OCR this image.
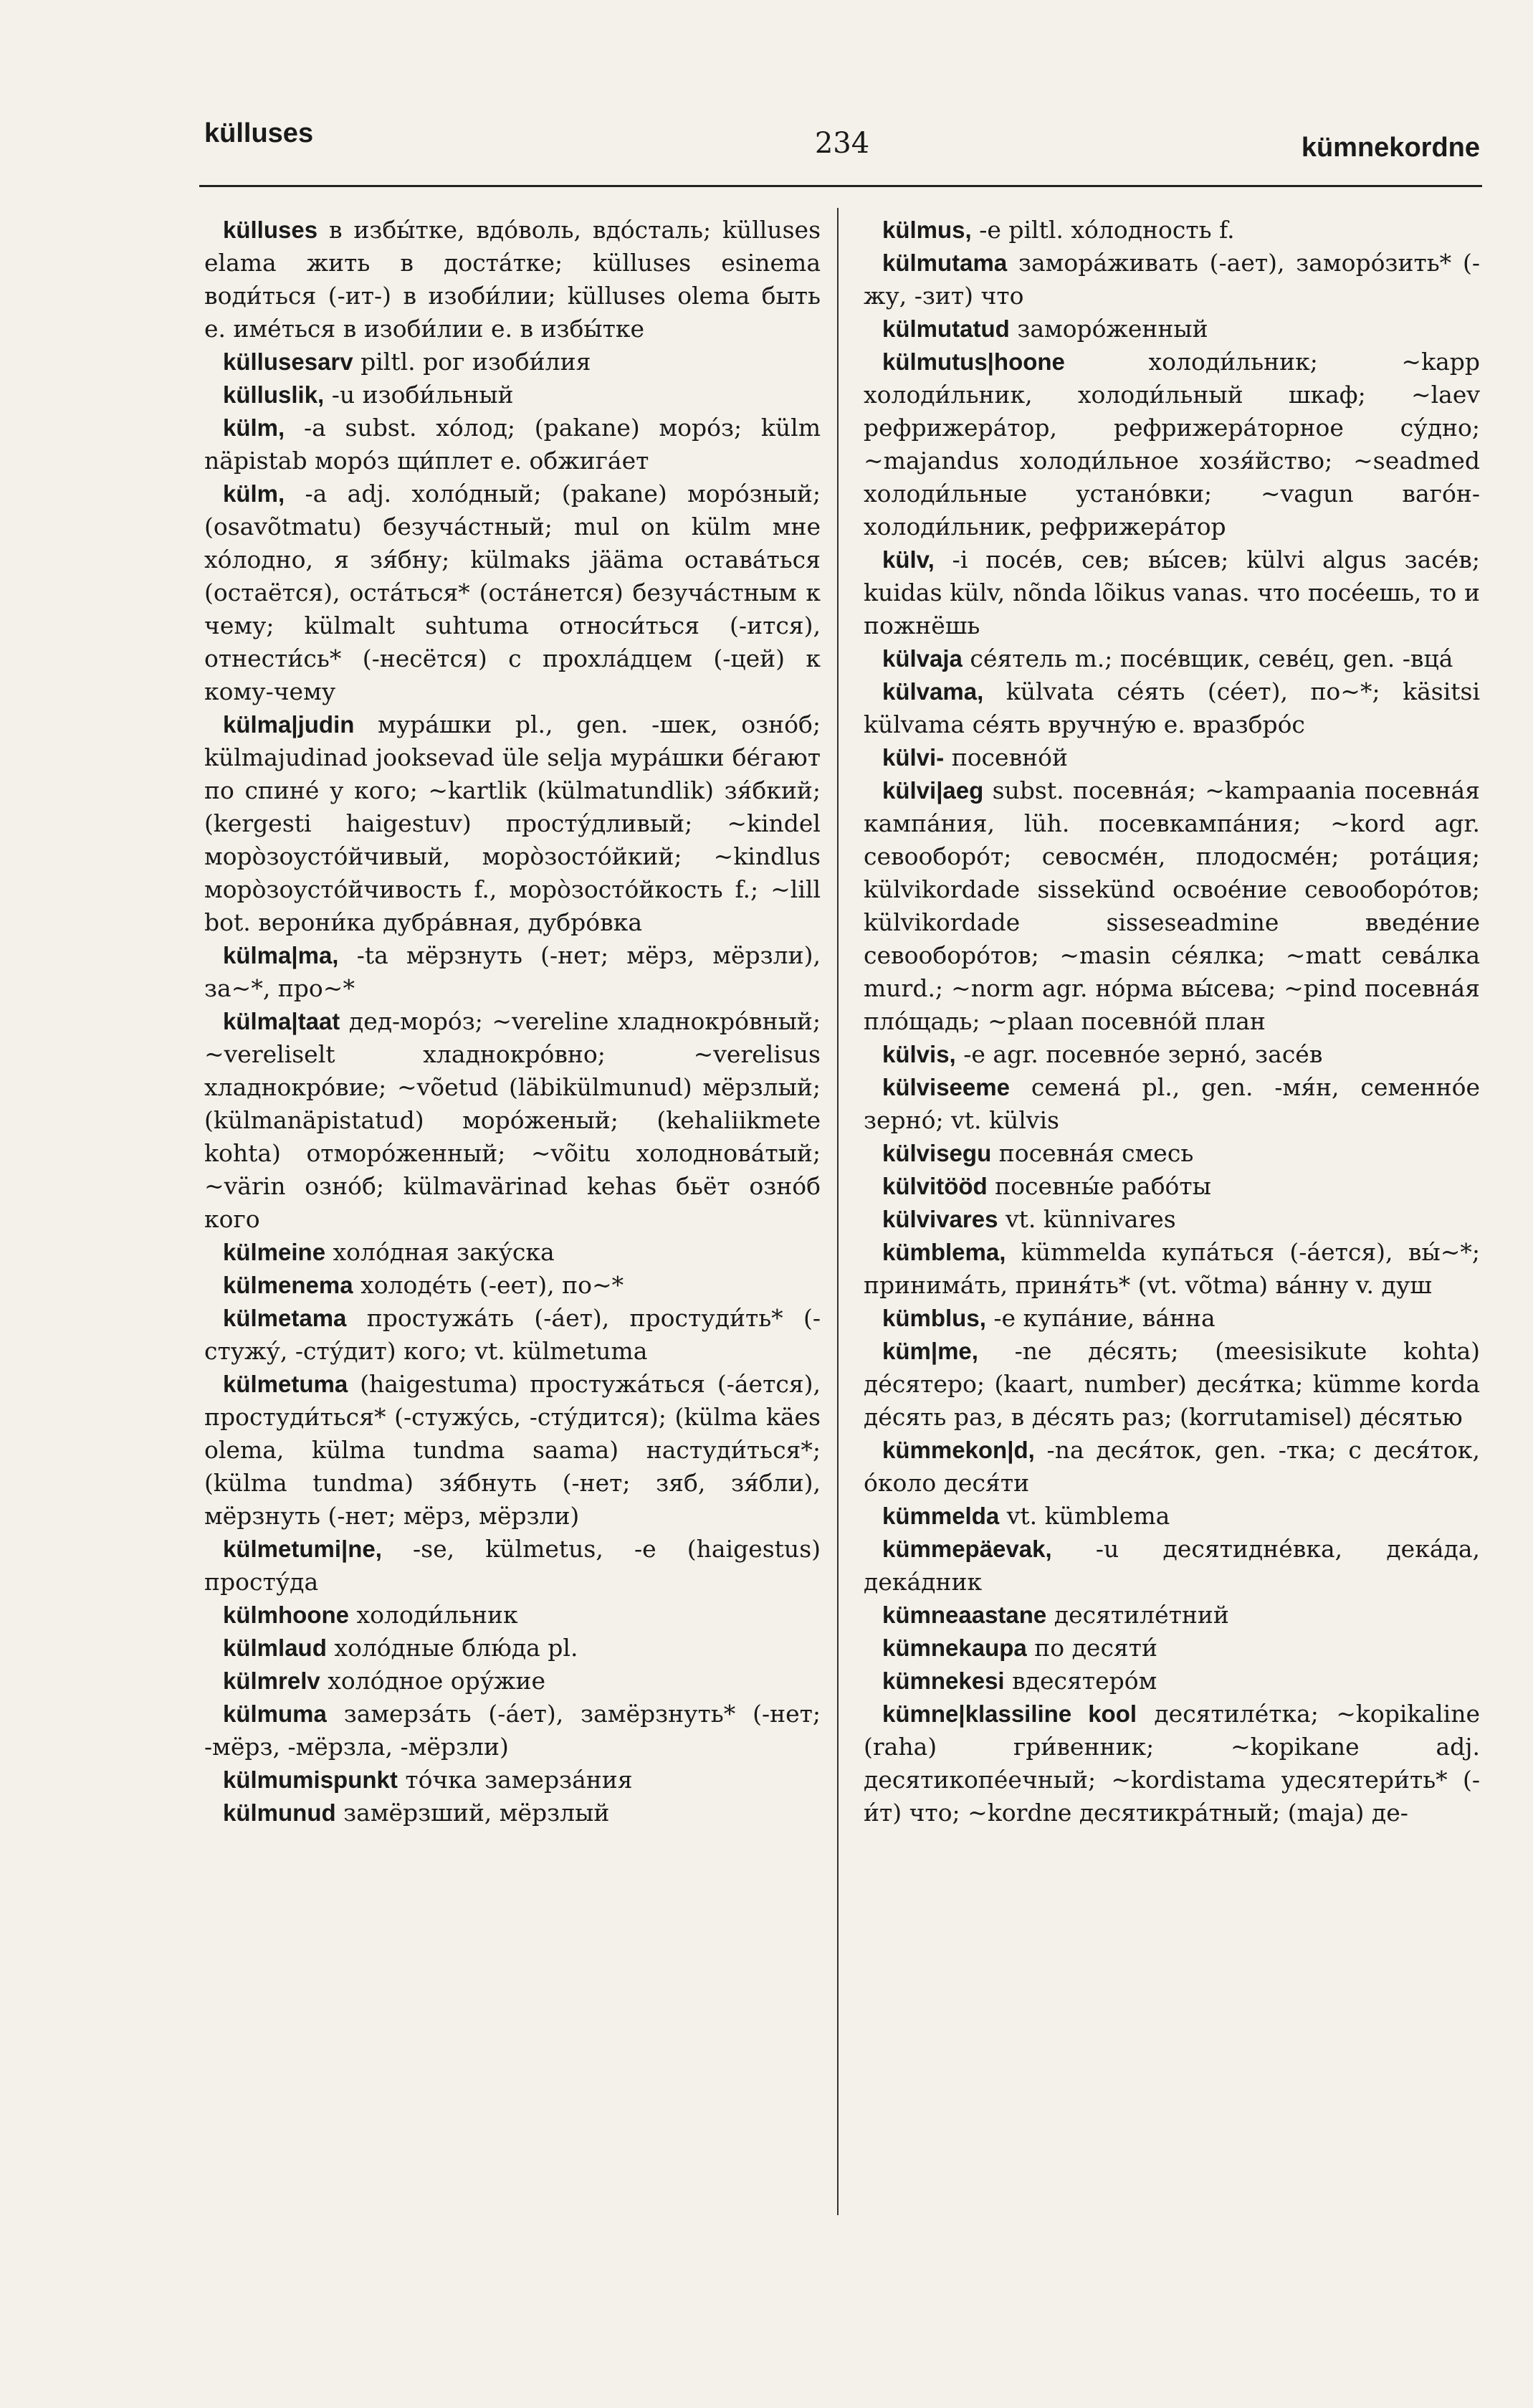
külluses	234	kümnekordne

külluses в избы́тке, вдо́воль, вдо́сталь; külluses elama жить в доста́тке; külluses esinema води́ться (-ит-) в изоби́лии; külluses olema быть e. име́ться в изоби́лии e. в избы́тке

küllusesarv piltl. рог изоби́лия

külluslik, -u изоби́льный

külm, -a subst. хо́лод; (pakane) моро́з; külm näpistab моро́з щи́плет e. обжига́ет

külm, -a adj. холо́дный; (pakane) моро́зный; (osavõtmatu) безуча́стный; mul on külm мне хо́лодно, я зя́бну; külmaks jääma остава́ться (остаётся), оста́ться* (оста́нется) безуча́стным к чему; külmalt suhtuma относи́ться (-ится), отнести́сь* (-несётся) с прохла́дцем (-цей) к кому-чему

külma|judin мура́шки pl., gen. -шек, озно́б; külmajudinad jooksevad üle selja мура́шки бе́гают по спине́ у кого; ~kartlik (külmatundlik) зя́бкий; (kergesti haigestuv) просту́дливый; ~kindel моро̀зоусто́йчивый, моро̀зосто́йкий; ~kindlus моро̀зоусто́йчивость f., моро̀зосто́йкость f.; ~lill bot. верони́ка дубра́вная, дубро́вка

külma|ma, -ta мёрзнуть (-нет; мёрз, мёрзли), за~*, про~*

külma|taat дед-моро́з; ~vereline хладнокро́вный; ~vereliselt хладнокро́вно; ~verelisus хладнокро́вие; ~võetud (läbikülmunud) мёрзлый; (külmanäpistatud) моро́женый; (kehaliikmete kohta) отморо́женный; ~võitu холоднова́тый; ~värin озно́б; külmavärinad kehas бьёт озно́б кого

külmeine холо́дная заку́ска

külmenema холоде́ть (-еет), по~*

külmetama простужа́ть (-а́ет), простуди́ть* (-стужу́, -сту́дит) кого; vt. külmetuma

külmetuma (haigestuma) простужа́ться (-а́ется), простуди́ться* (-стужу́сь, -сту́дится); (külma käes olema, külma tundma saama) настуди́ться*; (külma tundma) зя́бнуть (-нет; зяб, зя́бли), мёрзнуть (-нет; мёрз, мёрзли)

külmetumi|ne, -se, külmetus, -e (haigestus) просту́да

külmhoone холоди́льник

külmlaud холо́дные блю́да pl.

külmrelv холо́дное ору́жие

külmuma замерза́ть (-а́ет), замёрзнуть* (-нет; -мёрз, -мёрзла, -мёрзли)

külmumispunkt то́чка замерза́ния

külmunud замёрзший, мёрзлый

külmus, -e piltl. хо́лодность f.

külmutama замора́живать (-ает), заморо́зить* (-жу, -зит) что

külmutatud заморо́женный

külmutus|hoone холоди́льник; ~kapp холоди́льник, холоди́льный шкаф; ~laev рефрижера́тор, рефрижера́торное су́дно; ~majandus холоди́льное хозя́йство; ~seadmed холоди́льные устано́вки; ~vagun ваго́н-холоди́льник, рефрижера́тор

külv, -i посе́в, сев; вы́сев; külvi algus засе́в; kuidas külv, nõnda lõikus vanas. что посе́ешь, то и пожнёшь

külvaja се́ятель m.; посе́вщик, севе́ц, gen. -вца́

külvama, külvata се́ять (се́ет), по~*; käsitsi külvama се́ять вручну́ю e. вразбро́с

külvi- посевно́й

külvi|aeg subst. посевна́я; ~kampaania посевна́я кампа́ния, lüh. посевкампа́ния; ~kord agr. севооборо́т; севосме́н, плодосме́н; рота́ция; külvikordade sissekünd освое́ние севооборо́тов; külvikordade sisseseadmine введе́ние севооборо́тов; ~masin се́ялка; ~matt сева́лка murd.; ~norm agr. но́рма вы́сева; ~pind посевна́я пло́щадь; ~plaan посевно́й план

külvis, -e agr. посевно́е зерно́, засе́в

külviseeme семена́ pl., gen. -мя́н, семенно́е зерно́; vt. külvis

külvisegu посевна́я смесь

külvitööd посевны́е рабо́ты

külvivares vt. künnivares

kümblema, kümmelda купа́ться (-а́ется), вы́~*; принима́ть, приня́ть* (vt. võtma) ва́нну v. душ

kümblus, -e купа́ние, ва́нна

küm|me, -ne де́сять; (meesisikute kohta) де́сятеро; (kaart, number) деся́тка; kümme korda де́сять раз, в де́сять раз; (korrutamisel) де́сятью

kümmekon|d, -na деся́ток, gen. -тка; с деся́ток, о́коло деся́ти

kümmelda vt. kümblema

kümmepäevak, -u десятидне́вка, дека́да, дека́дник

kümneaastane десятиле́тний

kümnekaupa по десяти́

kümnekesi вдесятеро́м

kümne|klassiline kool десятиле́тка; ~kopikaline (raha) гри́венник; ~kopikane adj. десятикопе́ечный; ~kordistama удесятери́ть* (-и́т) что; ~kordne десятикра́тный; (maja) де-
